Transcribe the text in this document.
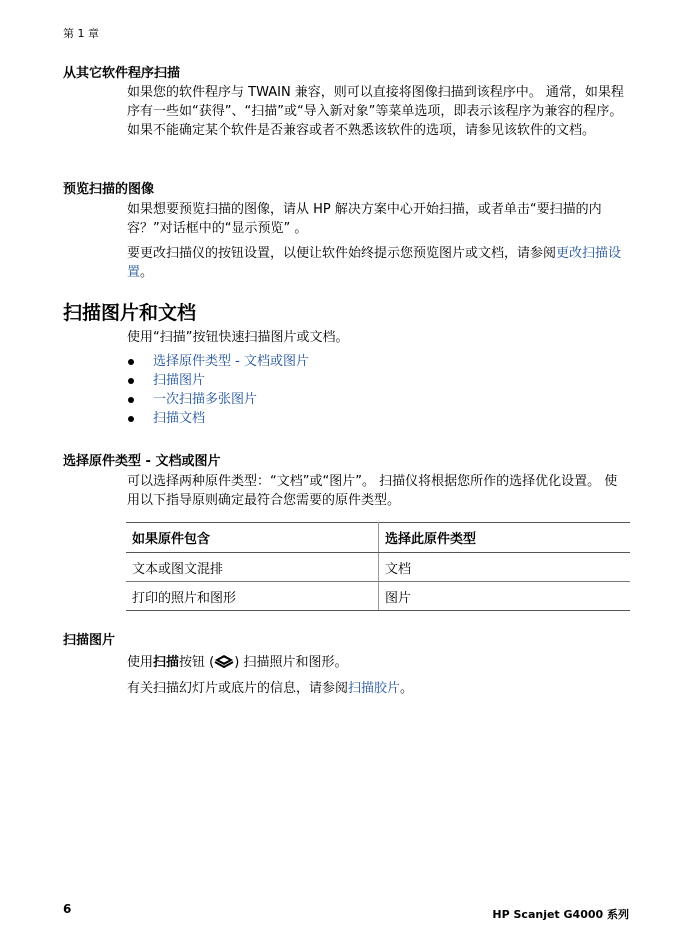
第 1 章
从其它软件程序扫描

如果您的软件程序与 TWAIN 兼容，则可以直接将图像扫描到该程序中。 通常，如果程序有一些如“获得”、“扫描”或“导入新对象”等菜单选项，即表示该程序为兼容的程序。 如果不能确定某个软件是否兼容或者不熟悉该软件的选项，请参见该软件的文档。

预览扫描的图像

如果想要预览扫描的图像，请从 HP 解决方案中心开始扫描，或者单击“要扫描的内容？”对话框中的“显示预览” 。

要更改扫描仪的按钮设置，以便让软件始终提示您预览图片或文档，请参阅更改扫描设置。

扫描图片和文档

使用“扫描”按钮快速扫描图片或文档。

选择原件类型 - 文档或图片
扫描图片
一次扫描多张图片
扫描文档
选择原件类型 - 文档或图片

可以选择两种原件类型：“文档”或“图片”。 扫描仪将根据您所作的选择优化设置。 使用以下指导原则确定最符合您需要的原件类型。

如果原件包含	选择此原件类型
文本或图文混排	文档
打印的照片和图形	图片
扫描图片

使用扫描按钮 ( ) 扫描照片和图形。

有关扫描幻灯片或底片的信息，请参阅扫描胶片。

6	HP Scanjet G4000 系列
